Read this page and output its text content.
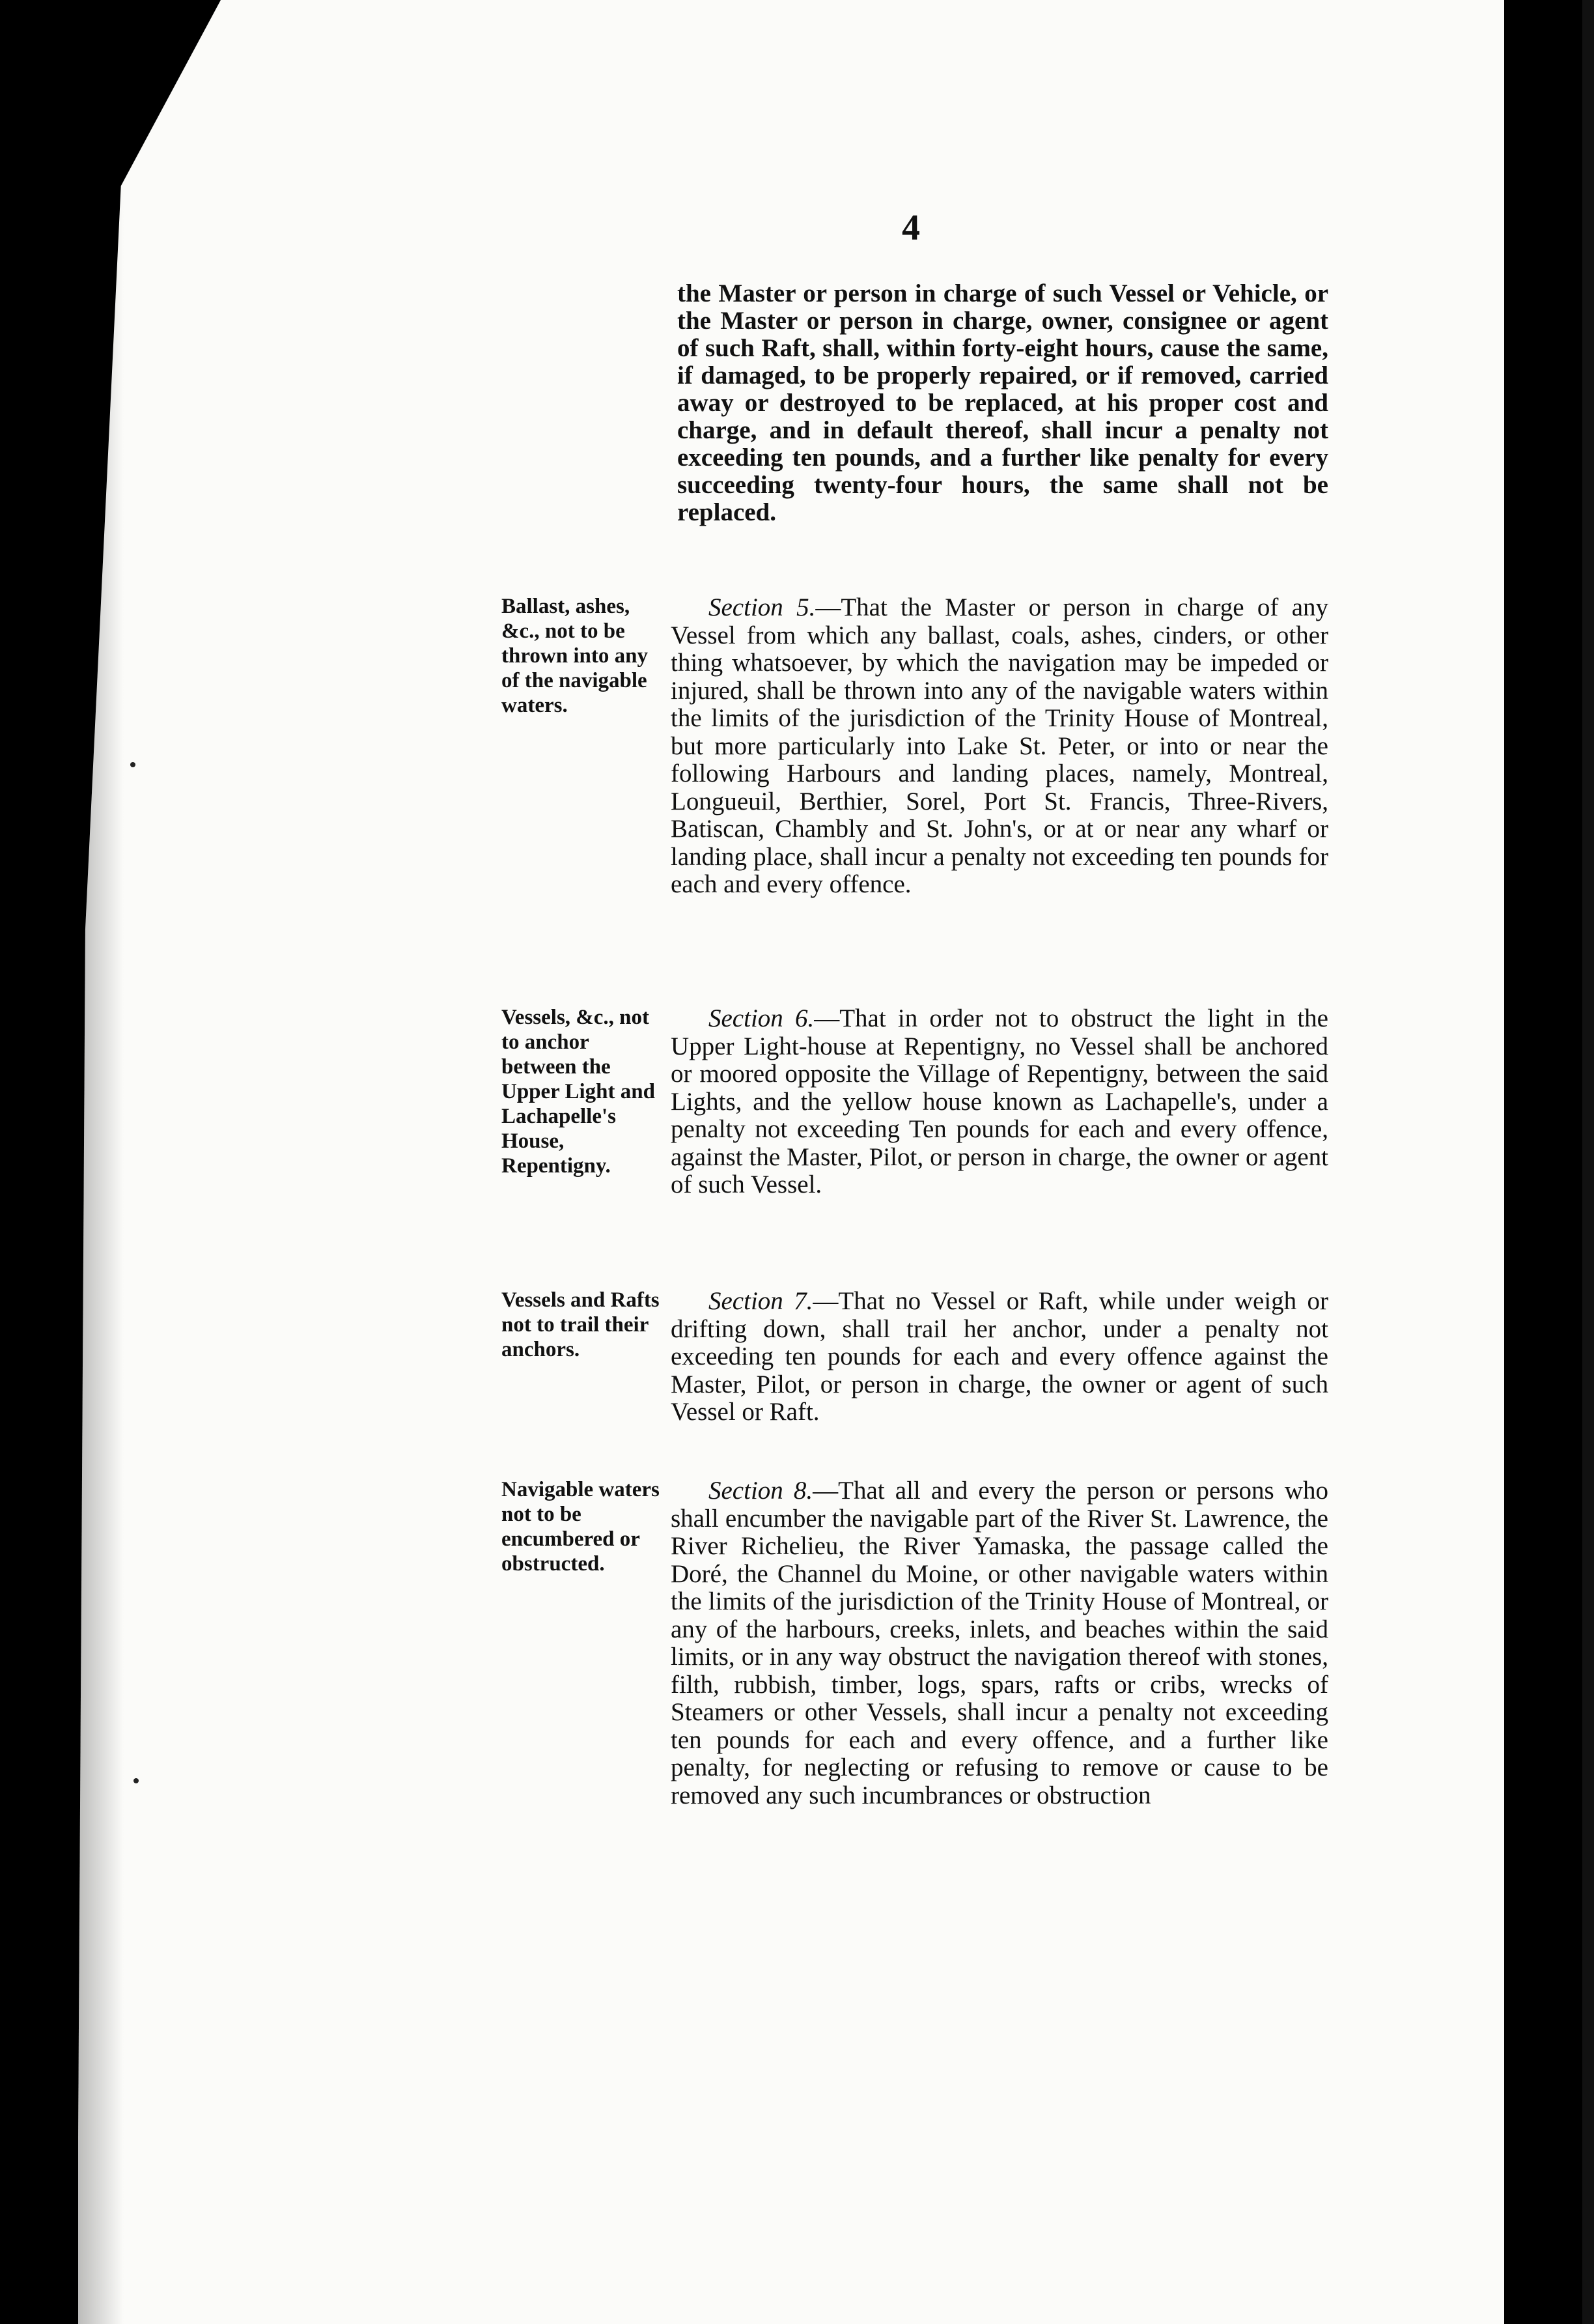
4

the Master or person in charge of such Vessel or Vehicle, or the Master or person in charge, owner, consignee or agent of such Raft, shall, within forty-eight hours, cause the same, if damaged, to be properly repaired, or if removed, carried away or destroyed to be replaced, at his proper cost and charge, and in default thereof, shall incur a penalty not exceeding ten pounds, and a further like penalty for every succeeding twenty-four hours, the same shall not be replaced.

Ballast, ashes, &c., not to be thrown into any of the navigable waters.

Section 5.—That the Master or person in charge of any Vessel from which any ballast, coals, ashes, cinders, or other thing whatsoever, by which the navigation may be impeded or injured, shall be thrown into any of the navigable waters within the limits of the jurisdiction of the Trinity House of Montreal, but more particularly into Lake St. Peter, or into or near the following Harbours and landing places, namely, Montreal, Longueuil, Berthier, Sorel, Port St. Francis, Three-Rivers, Batiscan, Chambly and St. John's, or at or near any wharf or landing place, shall incur a penalty not exceeding ten pounds for each and every offence.

Vessels, &c., not to anchor between the Upper Light and Lachapelle's House, Repentigny.

Section 6.—That in order not to obstruct the light in the Upper Light-house at Repentigny, no Vessel shall be anchored or moored opposite the Village of Repentigny, between the said Lights, and the yellow house known as Lachapelle's, under a penalty not exceeding Ten pounds for each and every offence, against the Master, Pilot, or person in charge, the owner or agent of such Vessel.

Vessels and Rafts not to trail their anchors.

Section 7.—That no Vessel or Raft, while under weigh or drifting down, shall trail her anchor, under a penalty not exceeding ten pounds for each and every offence against the Master, Pilot, or person in charge, the owner or agent of such Vessel or Raft.

Navigable waters not to be encumbered or obstructed.

Section 8.—That all and every the person or persons who shall encumber the navigable part of the River St. Lawrence, the River Richelieu, the River Yamaska, the passage called the Doré, the Channel du Moine, or other navigable waters within the limits of the jurisdiction of the Trinity House of Montreal, or any of the harbours, creeks, inlets, and beaches within the said limits, or in any way obstruct the navigation thereof with stones, filth, rubbish, timber, logs, spars, rafts or cribs, wrecks of Steamers or other Vessels, shall incur a penalty not exceeding ten pounds for each and every offence, and a further like penalty, for neglecting or refusing to remove or cause to be removed any such incumbrances or obstruction
